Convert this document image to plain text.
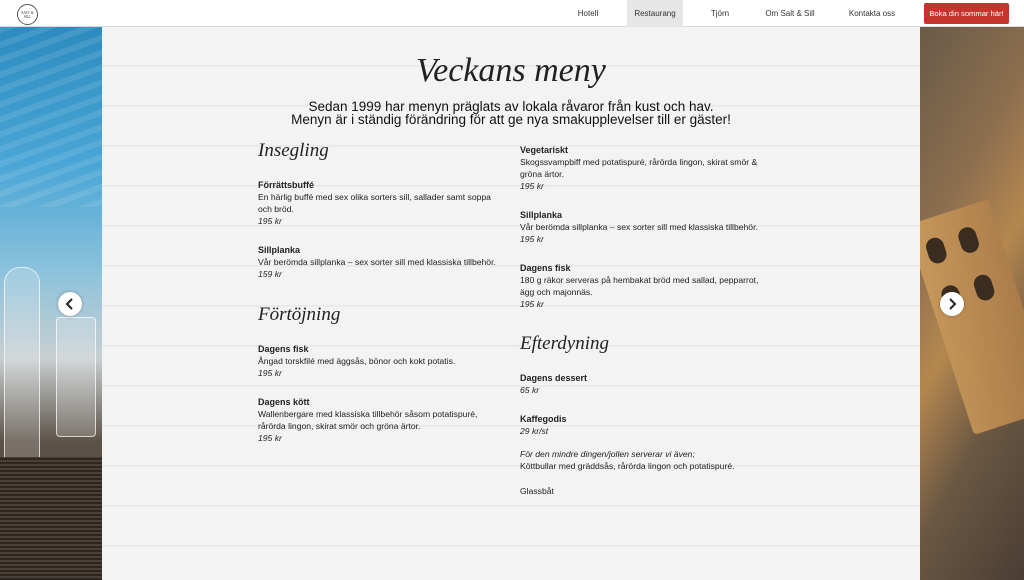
SALT & SILL	Hotell	Restaurang	Tjörn	Om Salt & Sill	Kontakta oss	Boka din sommar här!
Veckans meny
Sedan 1999 har menyn präglats av lokala råvaror från kust och hav.
Menyn är i ständig förändring för att ge nya smakupplevelser till er gäster!
Insegling
Förrättsbuffé
En härlig buffé med sex olika sorters sill, sallader samt soppa och bröd.
195 kr
Sillplanka
Vår berömda sillplanka – sex sorter sill med klassiska tillbehör.
159 kr
Förtöjning
Dagens fisk
Ångad torskfilé med äggsås, bönor och kokt potatis.
195 kr
Dagens kött
Wallenbergare med klassiska tillbehör såsom potatispuré, rårörda lingon, skirat smör och gröna ärtor.
195 kr
Vegetariskt
Skogssvampbiff med potatispuré, rårörda lingon, skirat smör & gröna ärtor.
195 kr
Sillplanka
Vår berömda sillplanka – sex sorter sill med klassiska tillbehör.
195 kr
Dagens fisk
180 g räkor serveras på hembakat bröd med sallad, pepparrot, ägg och majonnäs.
195 kr
Efterdyning
Dagens dessert
65 kr
Kaffegodis
29 kr/st
För den mindre dingen/jollen serverar vi även;
Köttbullar med gräddsås, rårörda lingon och potatispuré.
Glassbåt
